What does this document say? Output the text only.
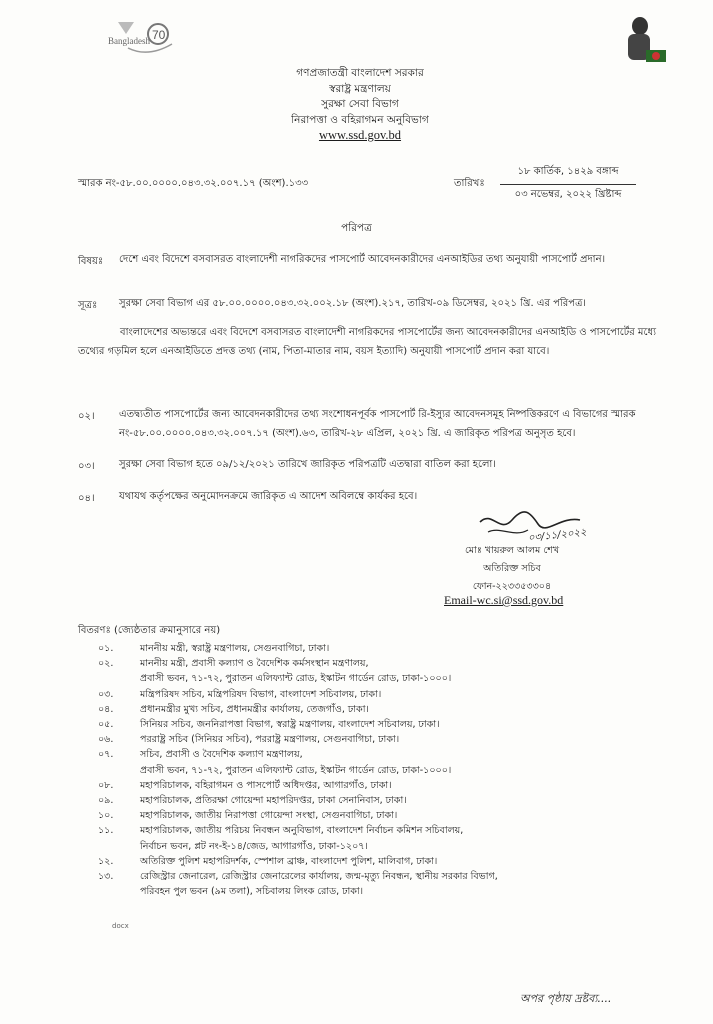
Bangladesh 70
গণপ্রজাতন্ত্রী বাংলাদেশ সরকার
স্বরাষ্ট্র মন্ত্রণালয়
সুরক্ষা সেবা বিভাগ
নিরাপত্তা ও বহিরাগমন অনুবিভাগ
www.ssd.gov.bd
স্মারক নং-৫৮.০০.০০০০.০৪৩.৩২.০০৭.১৭ (অংশ).১৩৩	তারিখঃ
১৮ কার্তিক, ১৪২৯ বঙ্গাব্দ
০৩ নভেম্বর, ২০২২ খ্রিষ্টাব্দ
পরিপত্র
বিষয়ঃ দেশে এবং বিদেশে বসবাসরত বাংলাদেশী নাগরিকদের পাসপোর্ট আবেদনকারীদের এনআইডির তথ্য অনুযায়ী পাসপোর্ট প্রদান।
সূত্রঃ সুরক্ষা সেবা বিভাগ এর ৫৮.০০.০০০০.০৪৩.৩২.০০২.১৮ (অংশ).২১৭, তারিখ-০৯ ডিসেম্বর, ২০২১ খ্রি. এর পরিপত্র।
বাংলাদেশের অভ্যন্তরে এবং বিদেশে বসবাসরত বাংলাদেশী নাগরিকদের পাসপোর্টের জন্য আবেদনকারীদের এনআইডি ও পাসপোর্টের মধ্যে তথ্যের গড়মিল হলে এনআইডিতে প্রদত্ত তথ্য (নাম, পিতা-মাতার নাম, বয়স ইত্যাদি) অনুযায়ী পাসপোর্ট প্রদান করা যাবে।
০২। এতদ্ব্যতীত পাসপোর্টের জন্য আবেদনকারীদের তথ্য সংশোধনপূর্বক পাসপোর্ট রি-ইস্যুর আবেদনসমূহ নিষ্পত্তিকরণে এ বিভাগের স্মারক নং-৫৮.০০.০০০০.০৪৩.৩২.০০৭.১৭ (অংশ).৬৩, তারিখ-২৮ এপ্রিল, ২০২১ খ্রি. এ জারিকৃত পরিপত্র অনুসৃত হবে।
০৩। সুরক্ষা সেবা বিভাগ হতে ০৯/১২/২০২১ তারিখে জারিকৃত পরিপত্রটি এতদ্বারা বাতিল করা হলো।
০৪। যথাযথ কর্তৃপক্ষের অনুমোদনক্রমে জারিকৃত এ আদেশ অবিলম্বে কার্যকর হবে।
০৩/১১/২০২২
মোঃ খায়রুল আলম শেখ
অতিরিক্ত সচিব
ফোন-২২৩৩৫৩৩০৪
Email-wc.si@ssd.gov.bd
বিতরণঃ (জ্যেষ্ঠতার ক্রমানুসারে নয়)
০১.	মাননীয় মন্ত্রী, স্বরাষ্ট্র মন্ত্রণালয়, সেগুনবাগিচা, ঢাকা।
০২.	মাননীয় মন্ত্রী, প্রবাসী কল্যাণ ও বৈদেশিক কর্মসংস্থান মন্ত্রণালয়,
প্রবাসী ভবন, ৭১-৭২, পুরাতন এলিফ্যান্ট রোড, ইস্কাটন গার্ডেন রোড, ঢাকা-১০০০।
০৩.	মন্ত্রিপরিষদ সচিব, মন্ত্রিপরিষদ বিভাগ, বাংলাদেশ সচিবালয়, ঢাকা।
০৪.	প্রধানমন্ত্রীর মুখ্য সচিব, প্রধানমন্ত্রীর কার্যালয়, তেজগাঁও, ঢাকা।
০৫.	সিনিয়র সচিব, জননিরাপত্তা বিভাগ, স্বরাষ্ট্র মন্ত্রণালয়, বাংলাদেশ সচিবালয়, ঢাকা।
০৬.	পররাষ্ট্র সচিব (সিনিয়র সচিব), পররাষ্ট্র মন্ত্রণালয়, সেগুনবাগিচা, ঢাকা।
০৭.	সচিব, প্রবাসী ও বৈদেশিক কল্যাণ মন্ত্রণালয়,
প্রবাসী ভবন, ৭১-৭২, পুরাতন এলিফ্যান্ট রোড, ইস্কাটন গার্ডেন রোড, ঢাকা-১০০০।
০৮.	মহাপরিচালক, বহিরাগমন ও পাসপোর্ট অধিদপ্তর, আগারগাঁও, ঢাকা।
০৯.	মহাপরিচালক, প্রতিরক্ষা গোয়েন্দা মহাপরিদপ্তর, ঢাকা সেনানিবাস, ঢাকা।
১০.	মহাপরিচালক, জাতীয় নিরাপত্তা গোয়েন্দা সংস্থা, সেগুনবাগিচা, ঢাকা।
১১.	মহাপরিচালক, জাতীয় পরিচয় নিবন্ধন অনুবিভাগ, বাংলাদেশ নির্বাচন কমিশন সচিবালয়,
নির্বাচন ভবন, প্লট নং-ই-১৪/জেড, আগারগাঁও, ঢাকা-১২০৭।
১২.	অতিরিক্ত পুলিশ মহাপরিদর্শক, স্পেশাল ব্রাঞ্চ, বাংলাদেশ পুলিশ, মালিবাগ, ঢাকা।
১৩.	রেজিস্ট্রার জেনারেল, রেজিস্ট্রার জেনারেলের কার্যালয়, জন্ম-মৃত্যু নিবন্ধন, স্থানীয় সরকার বিভাগ,
পরিবহন পুল ভবন (৯ম তলা), সচিবালয় লিংক রোড, ঢাকা।
docx
অপর পৃষ্ঠায় দ্রষ্টব্য....
